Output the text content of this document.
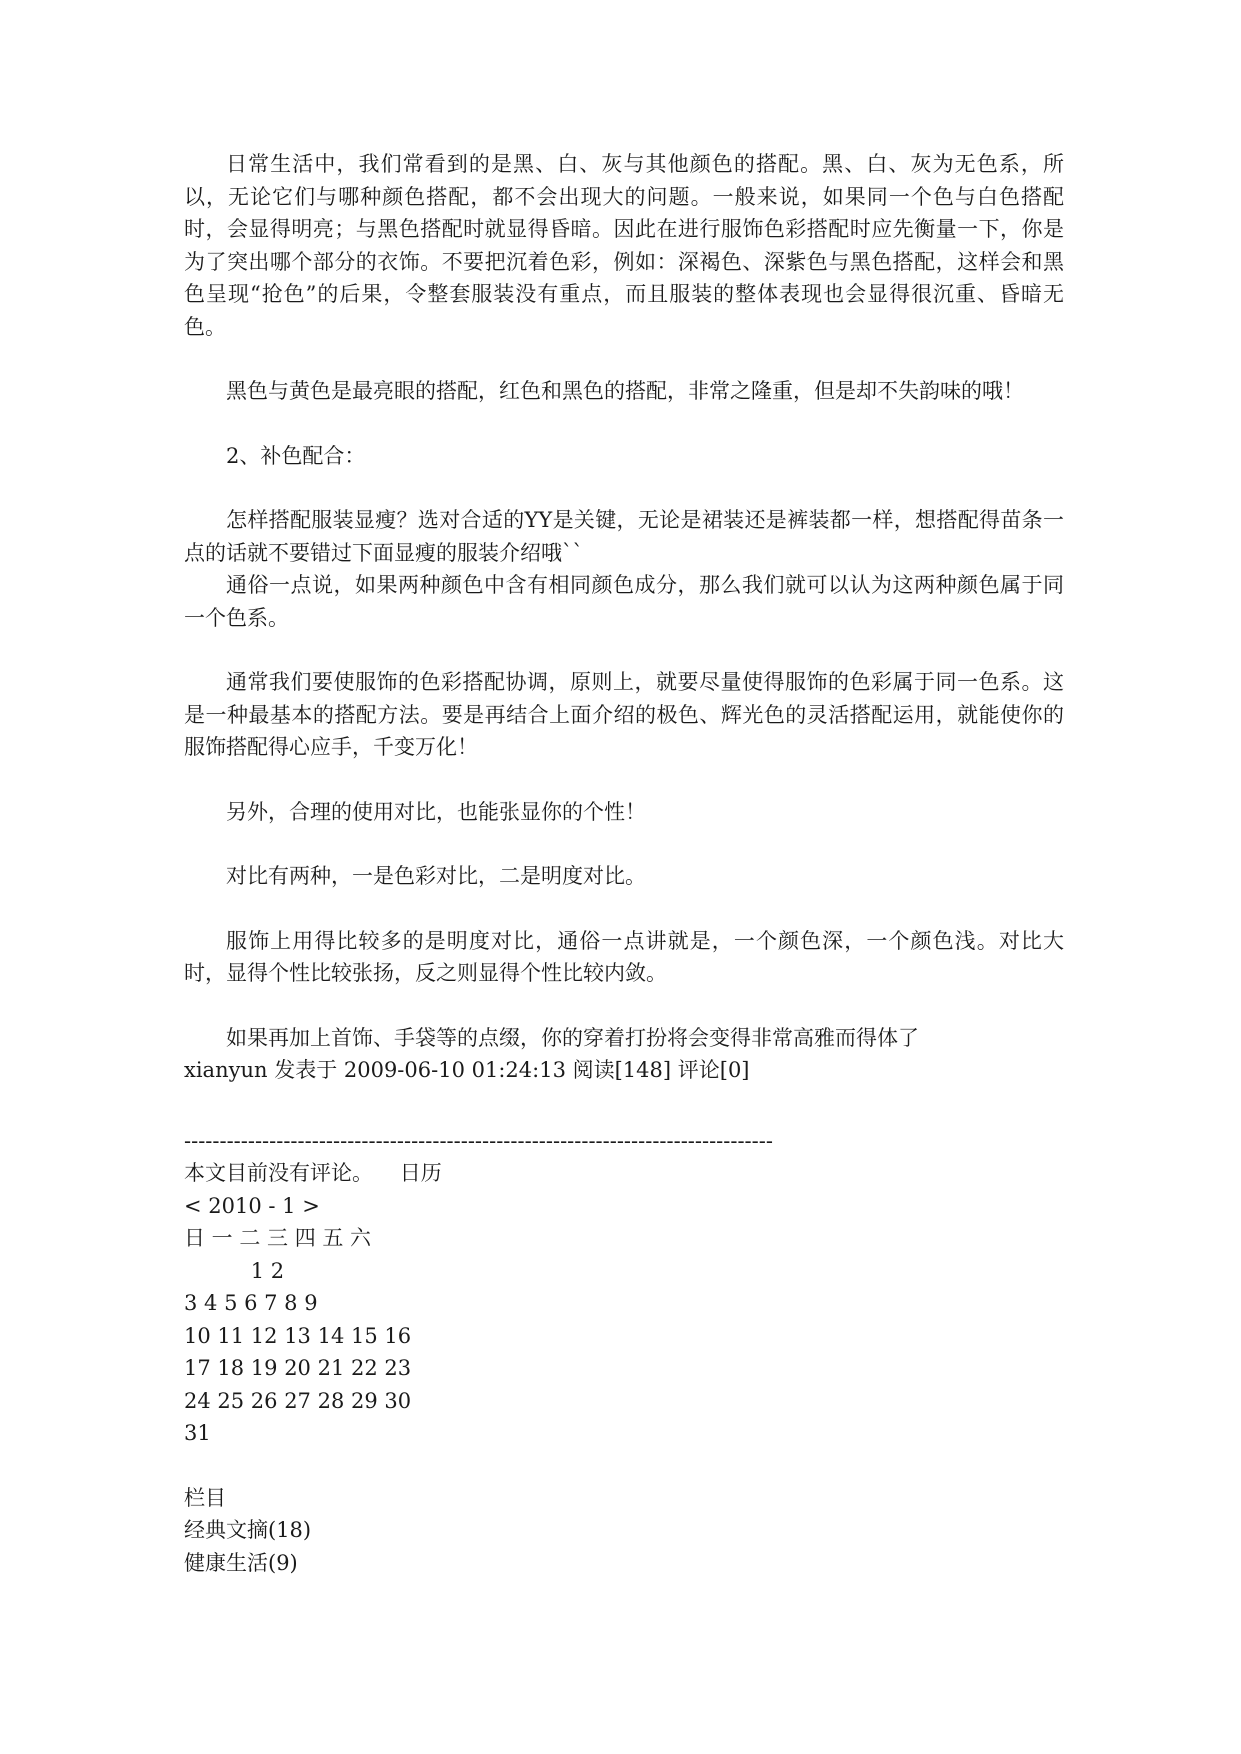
日常生活中，我们常看到的是黑、白、灰与其他颜色的搭配。黑、白、灰为无色系，所以，无论它们与哪种颜色搭配，都不会出现大的问题。一般来说，如果同一个色与白色搭配时，会显得明亮；与黑色搭配时就显得昏暗。因此在进行服饰色彩搭配时应先衡量一下，你是为了突出哪个部分的衣饰。不要把沉着色彩，例如：深褐色、深紫色与黑色搭配，这样会和黑色呈现“抢色”的后果，令整套服装没有重点，而且服装的整体表现也会显得很沉重、昏暗无色。

黑色与黄色是最亮眼的搭配，红色和黑色的搭配，非常之隆重，但是却不失韵味的哦！

2、补色配合：

怎样搭配服装显瘦？选对合适的YY是关键，无论是裙装还是裤装都一样，想搭配得苗条一点的话就不要错过下面显瘦的服装介绍哦``

通俗一点说，如果两种颜色中含有相同颜色成分，那么我们就可以认为这两种颜色属于同一个色系。

通常我们要使服饰的色彩搭配协调，原则上，就要尽量使得服饰的色彩属于同一色系。这是一种最基本的搭配方法。要是再结合上面介绍的极色、辉光色的灵活搭配运用，就能使你的服饰搭配得心应手，千变万化！

另外，合理的使用对比，也能张显你的个性！

对比有两种，一是色彩对比，二是明度对比。

服饰上用得比较多的是明度对比，通俗一点讲就是，一个颜色深，一个颜色浅。对比大时，显得个性比较张扬，反之则显得个性比较内敛。

如果再加上首饰、手袋等的点缀，你的穿着打扮将会变得非常高雅而得体了

xianyun 发表于 2009-06-10 01:24:13 阅读[148] 评论[0]

-----------------------------------------------------------------------------------

本文目前没有评论。 日历

< 2010 - 1 >

日 一 二 三 四 五 六

1 2

3 4 5 6 7 8 9

10 11 12 13 14 15 16

17 18 19 20 21 22 23

24 25 26 27 28 29 30

31

栏目

经典文摘(18)

健康生活(9)
